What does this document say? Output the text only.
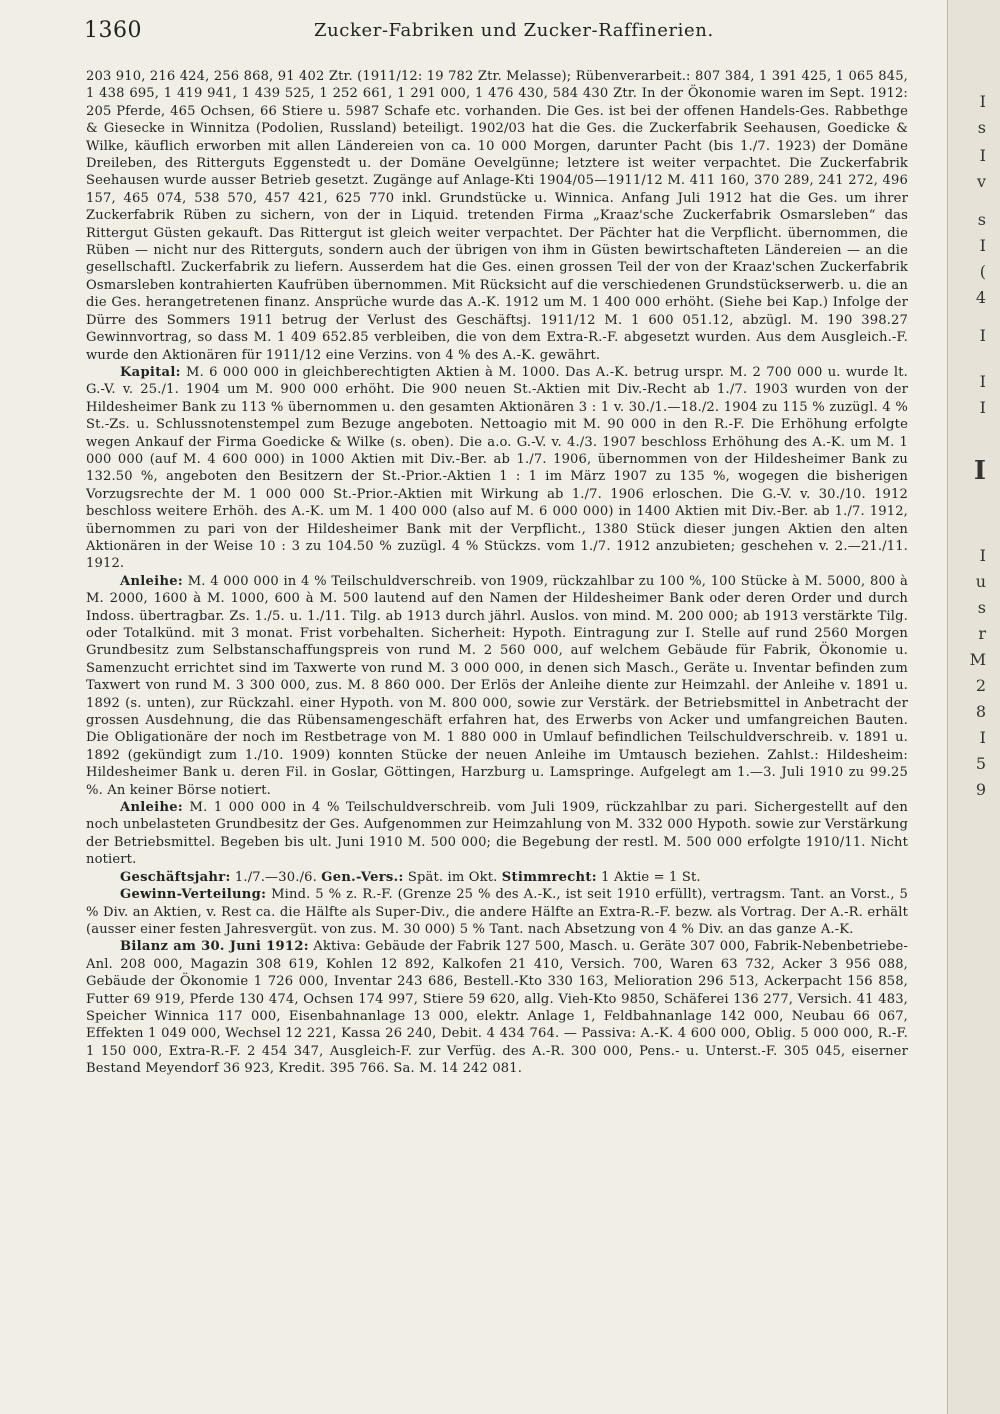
1360	Zucker-Fabriken und Zucker-Raffinerien.

203 910, 216 424, 256 868, 91 402 Ztr. (1911/12: 19 782 Ztr. Melasse); Rübenverarbeit.: 807 384, 1 391 425, 1 065 845, 1 438 695, 1 419 941, 1 439 525, 1 252 661, 1 291 000, 1 476 430, 584 430 Ztr. In der Ökonomie waren im Sept. 1912: 205 Pferde, 465 Ochsen, 66 Stiere u. 5987 Schafe etc. vorhanden. Die Ges. ist bei der offenen Handels-Ges. Rabbethge & Giesecke in Winnitza (Podolien, Russland) beteiligt. 1902/03 hat die Ges. die Zuckerfabrik Seehausen, Goedicke & Wilke, käuflich erworben mit allen Ländereien von ca. 10 000 Morgen, darunter Pacht (bis 1./7. 1923) der Domäne Dreileben, des Ritterguts Eggenstedt u. der Domäne Oevelgünne; letztere ist weiter verpachtet. Die Zuckerfabrik Seehausen wurde ausser Betrieb gesetzt. Zugänge auf Anlage-Kti 1904/05—1911/12 M. 411 160, 370 289, 241 272, 496 157, 465 074, 538 570, 457 421, 625 770 inkl. Grundstücke u. Winnica. Anfang Juli 1912 hat die Ges. um ihrer Zuckerfabrik Rüben zu sichern, von der in Liquid. tretenden Firma „Kraaz'sche Zuckerfabrik Osmarsleben“ das Rittergut Güsten gekauft. Das Rittergut ist gleich weiter verpachtet. Der Pächter hat die Verpflicht. übernommen, die Rüben — nicht nur des Ritterguts, sondern auch der übrigen von ihm in Güsten bewirtschafteten Ländereien — an die gesellschaftl. Zuckerfabrik zu liefern. Ausserdem hat die Ges. einen grossen Teil der von der Kraaz'schen Zuckerfabrik Osmarsleben kontrahierten Kaufrüben übernommen. Mit Rücksicht auf die verschiedenen Grundstückserwerb. u. die an die Ges. herangetretenen finanz. Ansprüche wurde das A.-K. 1912 um M. 1 400 000 erhöht. (Siehe bei Kap.) Infolge der Dürre des Sommers 1911 betrug der Verlust des Geschäftsj. 1911/12 M. 1 600 051.12, abzügl. M. 190 398.27 Gewinnvortrag, so dass M. 1 409 652.85 verbleiben, die von dem Extra-R.-F. abgesetzt wurden. Aus dem Ausgleich.-F. wurde den Aktionären für 1911/12 eine Verzins. von 4 % des A.-K. gewährt.

Kapital: M. 6 000 000 in gleichberechtigten Aktien à M. 1000. Das A.-K. betrug urspr. M. 2 700 000 u. wurde lt. G.-V. v. 25./1. 1904 um M. 900 000 erhöht. Die 900 neuen St.-Aktien mit Div.-Recht ab 1./7. 1903 wurden von der Hildesheimer Bank zu 113 % übernommen u. den gesamten Aktionären 3 : 1 v. 30./1.—18./2. 1904 zu 115 % zuzügl. 4 % St.-Zs. u. Schlussnotenstempel zum Bezuge angeboten. Nettoagio mit M. 90 000 in den R.-F. Die Erhöhung erfolgte wegen Ankauf der Firma Goedicke & Wilke (s. oben). Die a.o. G.-V. v. 4./3. 1907 beschloss Erhöhung des A.-K. um M. 1 000 000 (auf M. 4 600 000) in 1000 Aktien mit Div.-Ber. ab 1./7. 1906, übernommen von der Hildesheimer Bank zu 132.50 %, angeboten den Besitzern der St.-Prior.-Aktien 1 : 1 im März 1907 zu 135 %, wogegen die bisherigen Vorzugsrechte der M. 1 000 000 St.-Prior.-Aktien mit Wirkung ab 1./7. 1906 erloschen. Die G.-V. v. 30./10. 1912 beschloss weitere Erhöh. des A.-K. um M. 1 400 000 (also auf M. 6 000 000) in 1400 Aktien mit Div.-Ber. ab 1./7. 1912, übernommen zu pari von der Hildesheimer Bank mit der Verpflicht., 1380 Stück dieser jungen Aktien den alten Aktionären in der Weise 10 : 3 zu 104.50 % zuzügl. 4 % Stückzs. vom 1./7. 1912 anzubieten; geschehen v. 2.—21./11. 1912.

Anleihe: M. 4 000 000 in 4 % Teilschuldverschreib. von 1909, rückzahlbar zu 100 %, 100 Stücke à M. 5000, 800 à M. 2000, 1600 à M. 1000, 600 à M. 500 lautend auf den Namen der Hildesheimer Bank oder deren Order und durch Indoss. übertragbar. Zs. 1./5. u. 1./11. Tilg. ab 1913 durch jährl. Auslos. von mind. M. 200 000; ab 1913 verstärkte Tilg. oder Totalkünd. mit 3 monat. Frist vorbehalten. Sicherheit: Hypoth. Eintragung zur I. Stelle auf rund 2560 Morgen Grundbesitz zum Selbstanschaffungspreis von rund M. 2 560 000, auf welchem Gebäude für Fabrik, Ökonomie u. Samenzucht errichtet sind im Taxwerte von rund M. 3 000 000, in denen sich Masch., Geräte u. Inventar befinden zum Taxwert von rund M. 3 300 000, zus. M. 8 860 000. Der Erlös der Anleihe diente zur Heimzahl. der Anleihe v. 1891 u. 1892 (s. unten), zur Rückzahl. einer Hypoth. von M. 800 000, sowie zur Verstärk. der Betriebsmittel in Anbetracht der grossen Ausdehnung, die das Rübensamengeschäft erfahren hat, des Erwerbs von Acker und umfangreichen Bauten. Die Obligationäre der noch im Restbetrage von M. 1 880 000 in Umlauf befindlichen Teilschuldverschreib. v. 1891 u. 1892 (gekündigt zum 1./10. 1909) konnten Stücke der neuen Anleihe im Umtausch beziehen. Zahlst.: Hildesheim: Hildesheimer Bank u. deren Fil. in Goslar, Göttingen, Harzburg u. Lamspringe. Aufgelegt am 1.—3. Juli 1910 zu 99.25 %. An keiner Börse notiert.

Anleihe: M. 1 000 000 in 4 % Teilschuldverschreib. vom Juli 1909, rückzahlbar zu pari. Sichergestellt auf den noch unbelasteten Grundbesitz der Ges. Aufgenommen zur Heimzahlung von M. 332 000 Hypoth. sowie zur Verstärkung der Betriebsmittel. Begeben bis ult. Juni 1910 M. 500 000; die Begebung der restl. M. 500 000 erfolgte 1910/11. Nicht notiert.

Geschäftsjahr: 1./7.—30./6. Gen.-Vers.: Spät. im Okt. Stimmrecht: 1 Aktie = 1 St.

Gewinn-Verteilung: Mind. 5 % z. R.-F. (Grenze 25 % des A.-K., ist seit 1910 erfüllt), vertragsm. Tant. an Vorst., 5 % Div. an Aktien, v. Rest ca. die Hälfte als Super-Div., die andere Hälfte an Extra-R.-F. bezw. als Vortrag. Der A.-R. erhält (ausser einer festen Jahresvergüt. von zus. M. 30 000) 5 % Tant. nach Absetzung von 4 % Div. an das ganze A.-K.

Bilanz am 30. Juni 1912: Aktiva: Gebäude der Fabrik 127 500, Masch. u. Geräte 307 000, Fabrik-Nebenbetriebe-Anl. 208 000, Magazin 308 619, Kohlen 12 892, Kalkofen 21 410, Versich. 700, Waren 63 732, Acker 3 956 088, Gebäude der Ökonomie 1 726 000, Inventar 243 686, Bestell.-Kto 330 163, Melioration 296 513, Ackerpacht 156 858, Futter 69 919, Pferde 130 474, Ochsen 174 997, Stiere 59 620, allg. Vieh-Kto 9850, Schäferei 136 277, Versich. 41 483, Speicher Winnica 117 000, Eisenbahnanlage 13 000, elektr. Anlage 1, Feldbahnanlage 142 000, Neubau 66 067, Effekten 1 049 000, Wechsel 12 221, Kassa 26 240, Debit. 4 434 764. — Passiva: A.-K. 4 600 000, Oblig. 5 000 000, R.-F. 1 150 000, Extra-R.-F. 2 454 347, Ausgleich-F. zur Verfüg. des A.-R. 300 000, Pens.- u. Unterst.-F. 305 045, eiserner Bestand Meyendorf 36 923, Kredit. 395 766. Sa. M. 14 242 081.

I
s
I
v
s
I
(
4
I
I
I
I
I
u
s
r
M
2
8
I
5
9
